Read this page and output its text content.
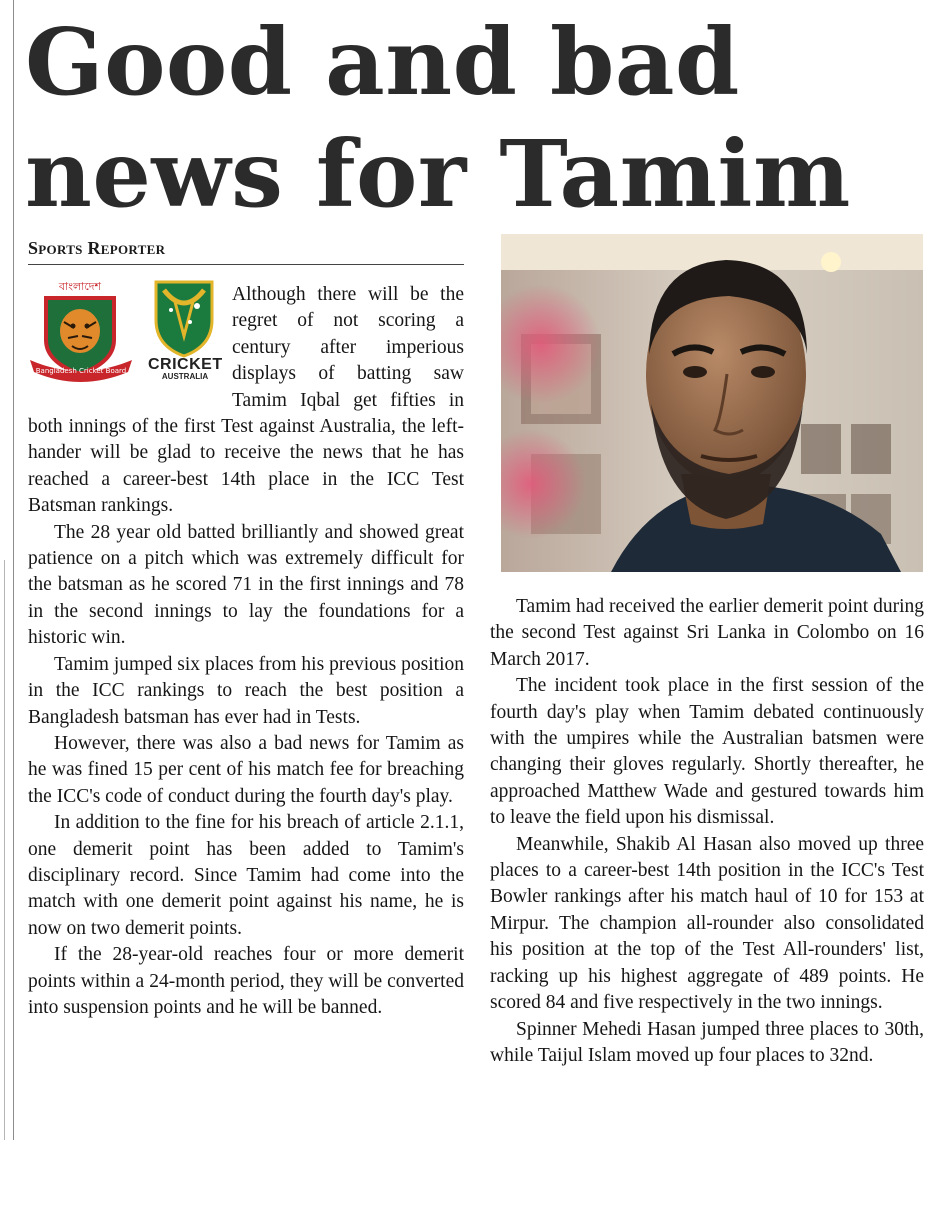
Good and bad news for Tamim
Sports Reporter
বাংলাদেশ
Bangladesh Cricket Board CRICKET
AUSTRALIA

Although there will be the regret of not scoring a century after imperious displays of batting saw Tamim Iqbal get fifties in both innings of the first Test against Australia, the left-hander will be glad to receive the news that he has reached a career-best 14th place in the ICC Test Batsman rankings.

The 28 year old batted brilliantly and showed great patience on a pitch which was extremely difficult for the batsman as he scored 71 in the first innings and 78 in the second innings to lay the foundations for a historic win.

Tamim jumped six places from his previous position in the ICC rankings to reach the best position a Bangladesh batsman has ever had in Tests.

However, there was also a bad news for Tamim as he was fined 15 per cent of his match fee for breaching the ICC's code of conduct during the fourth day's play.

In addition to the fine for his breach of article 2.1.1, one demerit point has been added to Tamim's disciplinary record. Since Tamim had come into the match with one demerit point against his name, he is now on two demerit points.

If the 28-year-old reaches four or more demerit points within a 24-month period, they will be converted into suspension points and he will be banned.

Tamim had received the earlier demerit point during the second Test against Sri Lanka in Colombo on 16 March 2017.

The incident took place in the first session of the fourth day's play when Tamim debated continuously with the umpires while the Australian batsmen were changing their gloves regularly. Shortly thereafter, he approached Matthew Wade and gestured towards him to leave the field upon his dismissal.

Meanwhile, Shakib Al Hasan also moved up three places to a career-best 14th position in the ICC's Test Bowler rankings after his match haul of 10 for 153 at Mirpur. The champion all-rounder also consolidated his position at the top of the Test All-rounders' list, racking up his highest aggregate of 489 points. He scored 84 and five respectively in the two innings.

Spinner Mehedi Hasan jumped three places to 30th, while Taijul Islam moved up four places to 32nd.
